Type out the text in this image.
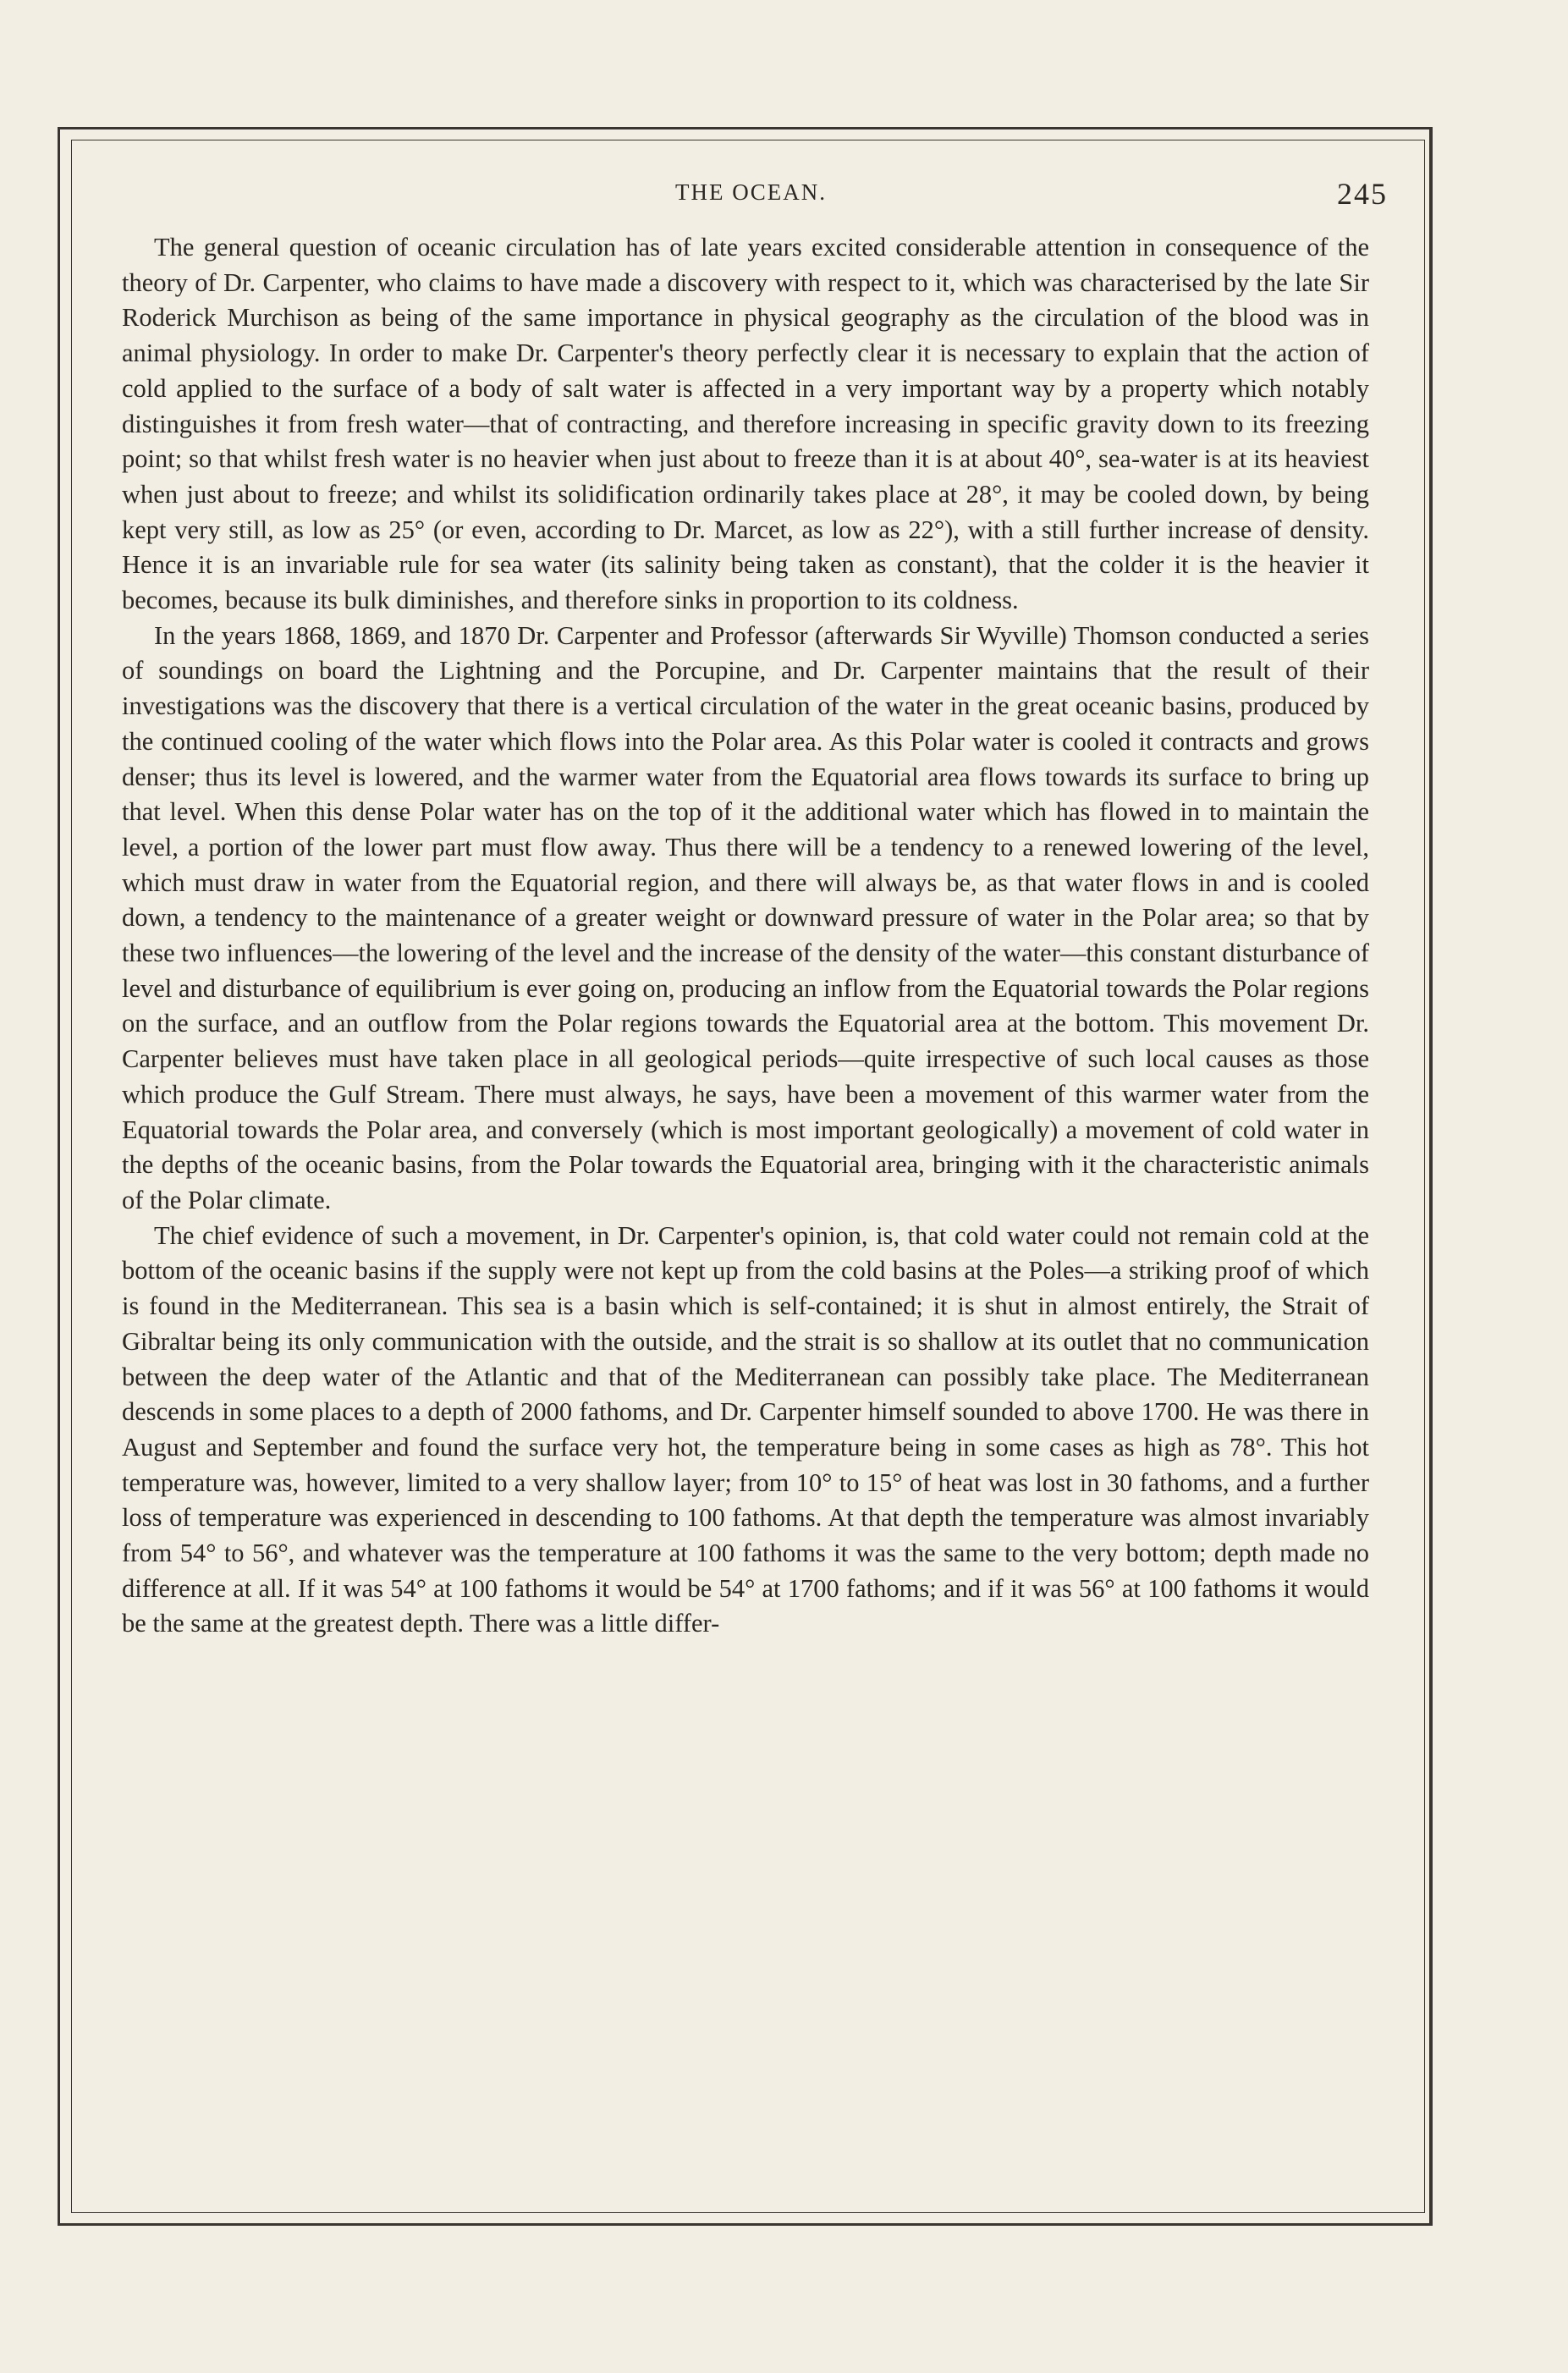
THE OCEAN.	245

The general question of oceanic circulation has of late years excited considerable attention in consequence of the theory of Dr. Carpenter, who claims to have made a discovery with respect to it, which was characterised by the late Sir Roderick Murchison as being of the same importance in physical geography as the circulation of the blood was in animal physiology. In order to make Dr. Carpenter's theory perfectly clear it is necessary to explain that the action of cold applied to the surface of a body of salt water is affected in a very important way by a property which notably distinguishes it from fresh water—that of contracting, and therefore increasing in specific gravity down to its freezing point; so that whilst fresh water is no heavier when just about to freeze than it is at about 40°, sea-water is at its heaviest when just about to freeze; and whilst its solidification ordinarily takes place at 28°, it may be cooled down, by being kept very still, as low as 25° (or even, according to Dr. Marcet, as low as 22°), with a still further increase of density. Hence it is an invariable rule for sea water (its salinity being taken as constant), that the colder it is the heavier it becomes, because its bulk diminishes, and therefore sinks in proportion to its coldness.

In the years 1868, 1869, and 1870 Dr. Carpenter and Professor (afterwards Sir Wyville) Thomson conducted a series of soundings on board the Lightning and the Porcupine, and Dr. Carpenter maintains that the result of their investigations was the discovery that there is a vertical circulation of the water in the great oceanic basins, produced by the continued cooling of the water which flows into the Polar area. As this Polar water is cooled it contracts and grows denser; thus its level is lowered, and the warmer water from the Equatorial area flows towards its surface to bring up that level. When this dense Polar water has on the top of it the additional water which has flowed in to maintain the level, a portion of the lower part must flow away. Thus there will be a tendency to a renewed lowering of the level, which must draw in water from the Equatorial region, and there will always be, as that water flows in and is cooled down, a tendency to the maintenance of a greater weight or downward pressure of water in the Polar area; so that by these two influences—the lowering of the level and the increase of the density of the water—this constant disturbance of level and disturbance of equilibrium is ever going on, producing an inflow from the Equatorial towards the Polar regions on the surface, and an outflow from the Polar regions towards the Equatorial area at the bottom. This movement Dr. Carpenter believes must have taken place in all geological periods—quite irrespective of such local causes as those which produce the Gulf Stream. There must always, he says, have been a movement of this warmer water from the Equatorial towards the Polar area, and conversely (which is most important geologically) a movement of cold water in the depths of the oceanic basins, from the Polar towards the Equatorial area, bringing with it the characteristic animals of the Polar climate.

The chief evidence of such a movement, in Dr. Carpenter's opinion, is, that cold water could not remain cold at the bottom of the oceanic basins if the supply were not kept up from the cold basins at the Poles—a striking proof of which is found in the Mediterranean. This sea is a basin which is self-contained; it is shut in almost entirely, the Strait of Gibraltar being its only communication with the outside, and the strait is so shallow at its outlet that no communication between the deep water of the Atlantic and that of the Mediterranean can possibly take place. The Mediterranean descends in some places to a depth of 2000 fathoms, and Dr. Carpenter himself sounded to above 1700. He was there in August and September and found the surface very hot, the temperature being in some cases as high as 78°. This hot temperature was, however, limited to a very shallow layer; from 10° to 15° of heat was lost in 30 fathoms, and a further loss of temperature was experienced in descending to 100 fathoms. At that depth the temperature was almost invariably from 54° to 56°, and whatever was the temperature at 100 fathoms it was the same to the very bottom; depth made no difference at all. If it was 54° at 100 fathoms it would be 54° at 1700 fathoms; and if it was 56° at 100 fathoms it would be the same at the greatest depth. There was a little differ-
